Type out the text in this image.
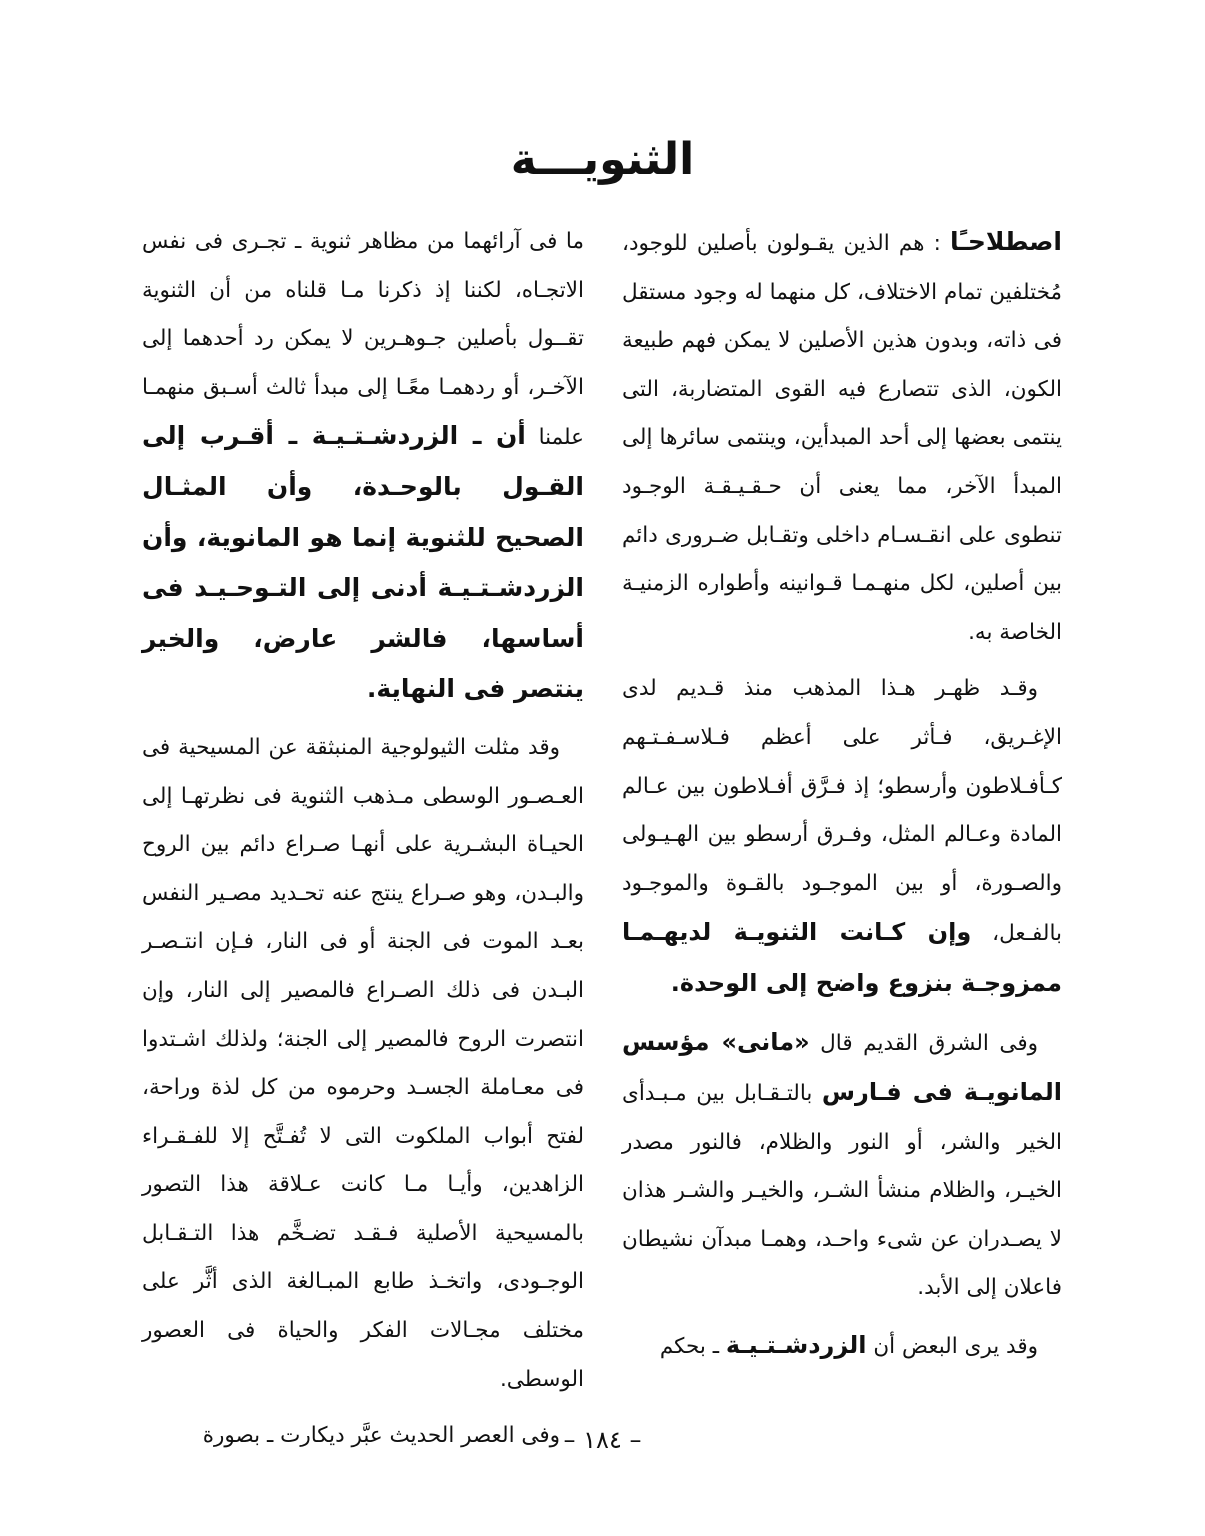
الثنويـــة

اصطلاحـًا : هم الذين يقـولون بأصلين للوجود، مُختلفين تمام الاختلاف، كل منهما له وجود مستقل فى ذاته، وبدون هذين الأصلين لا يمكن فهم طبيعة الكون، الذى تتصارع فيه القوى المتضاربة، التى ينتمى بعضها إلى أحد المبدأين، وينتمى سائرها إلى المبدأ الآخر، مما يعنى أن حـقـيـقـة الوجـود تنطوى على انقـسـام داخلى وتقـابل ضـرورى دائم بين أصلين، لكل منهـمـا قـوانينه وأطواره الزمنيـة الخاصة به.

وقـد ظهـر هـذا المذهب منذ قـديم لدى الإغـريق، فـأثر على أعظم فـلاسـفـتـهم كـأفـلاطون وأرسطو؛ إذ فـرَّق أفـلاطون بين عـالم المادة وعـالم المثل، وفـرق أرسطو بين الهـيـولى والصـورة، أو بين الموجـود بالقـوة والموجـود بالفـعل، وإن كـانت الثنويـة لديهـمـا ممزوجـة بنزوع واضح إلى الوحدة.

وفى الشرق القديم قال «مانى» مؤسس المانويـة فى فـارس بالتـقـابل بين مـبـدأى الخير والشر، أو النور والظلام، فالنور مصدر الخيـر، والظلام منشأ الشـر، والخيـر والشـر هذان لا يصـدران عن شىء واحـد، وهمـا مبدآن نشيطان فاعلان إلى الأبد.

وقد يرى البعض أن الزردشـتـيـة ـ بحكم

ما فى آرائهما من مظاهر ثنوية ـ تجـرى فى نفس الاتجـاه، لكننا إذ ذكرنا مـا قلناه من أن الثنوية تقــول بأصلين جـوهـرين لا يمكن رد أحدهما إلى الآخـر، أو ردهمـا معًـا إلى مبدأ ثالث أسـبق منهمـا علمنا أن ـ الزردشـتـيـة ـ أقـرب إلى القـول بالوحـدة، وأن المثـال الصحيح للثنوية إنما هو المانوية، وأن الزردشـتـيـة أدنى إلى التـوحـيـد فى أساسها، فالشر عارض، والخير ينتصر فى النهاية.

وقد مثلت الثيولوجية المنبثقة عن المسيحية فى العـصـور الوسطى مـذهب الثنوية فى نظرتهـا إلى الحيـاة البشـرية على أنهـا صـراع دائم بين الروح والبـدن، وهو صـراع ينتج عنه تحـديد مصـير النفس بعـد الموت فى الجنة أو فى النار، فـإن انتـصـر البـدن فى ذلك الصـراع فالمصير إلى النار، وإن انتصرت الروح فالمصير إلى الجنة؛ ولذلك اشـتدوا فى معـاملة الجسـد وحرموه من كل لذة وراحة، لفتح أبواب الملكوت التى لا تُفـتَّح إلا للفـقـراء الزاهدين، وأيـا مـا كانت عـلاقة هذا التصور بالمسيحية الأصلية فـقـد تضـخَّم هذا التـقـابل الوجـودى، واتخـذ طابع المبـالغة الذى أثَّر على مختلف مجـالات الفكر والحياة فى العصور الوسطى.

وفى العصر الحديث عبَّر ديكارت ـ بصورة – ١٨٤ –
